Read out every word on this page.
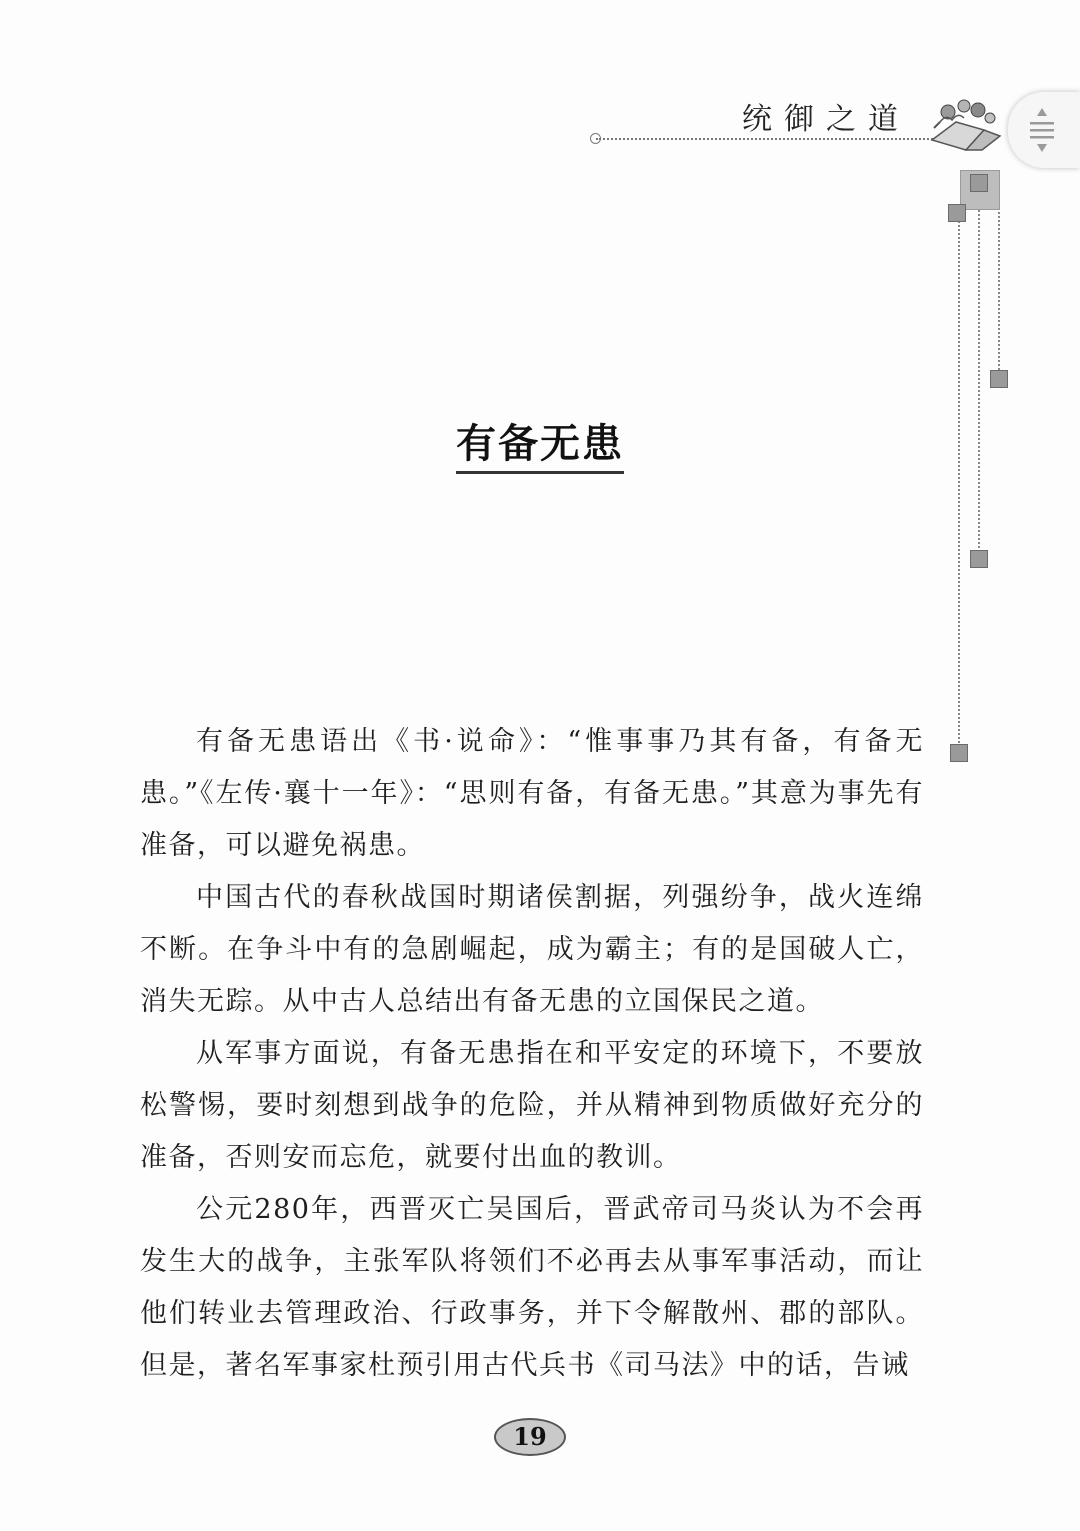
统御之道
有备无患

有备无患语出《书·说命》：“惟事事乃其有备，有备无患。”《左传·襄十一年》：“思则有备，有备无患。”其意为事先有准备，可以避免祸患。

中国古代的春秋战国时期诸侯割据，列强纷争，战火连绵不断。在争斗中有的急剧崛起，成为霸主；有的是国破人亡，消失无踪。从中古人总结出有备无患的立国保民之道。

从军事方面说，有备无患指在和平安定的环境下，不要放松警惕，要时刻想到战争的危险，并从精神到物质做好充分的准备，否则安而忘危，就要付出血的教训。

公元280年，西晋灭亡吴国后，晋武帝司马炎认为不会再发生大的战争，主张军队将领们不必再去从事军事活动，而让他们转业去管理政治、行政事务，并下令解散州、郡的部队。但是，著名军事家杜预引用古代兵书《司马法》中的话，告诫

19
